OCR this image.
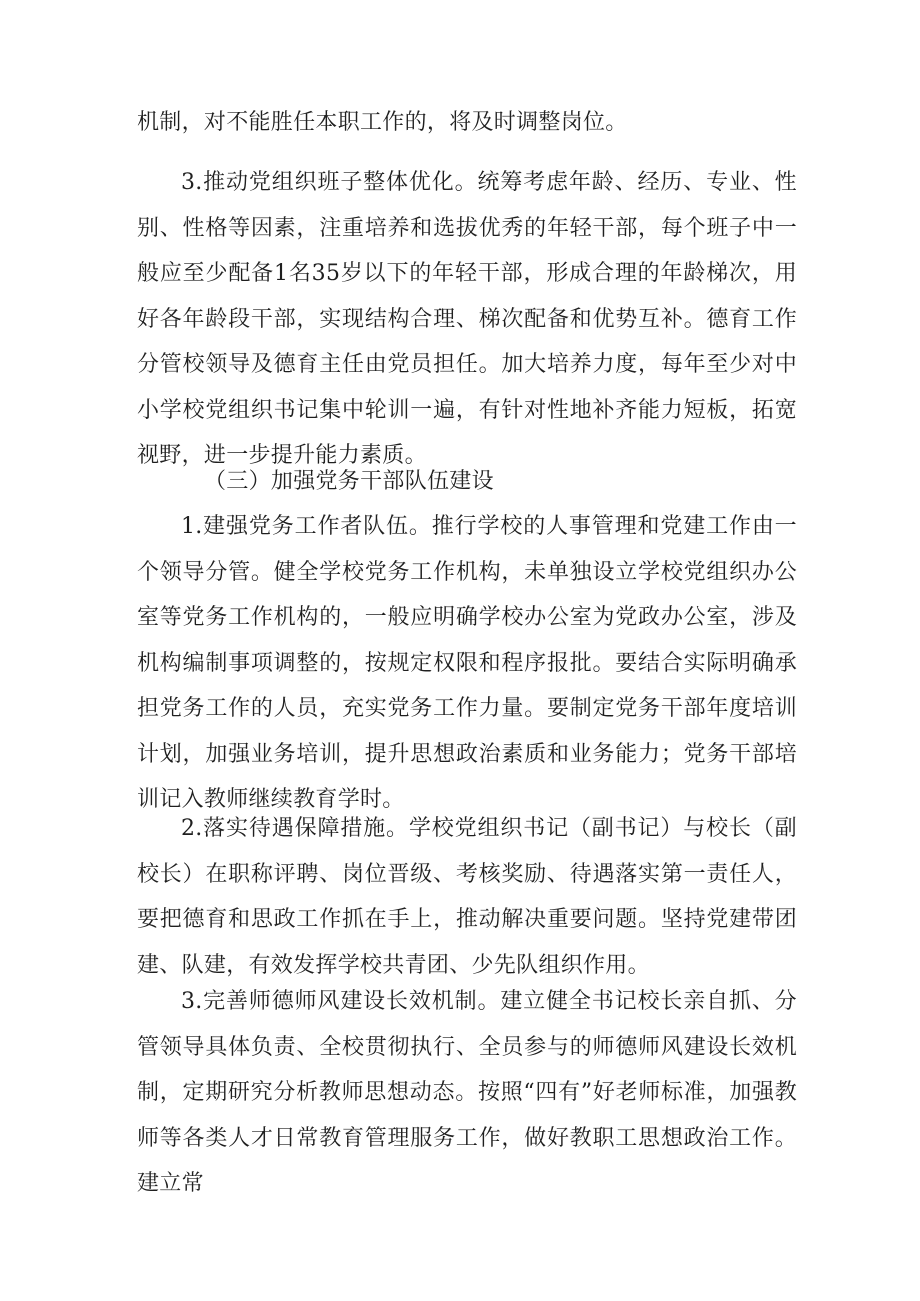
机制，对不能胜任本职工作的，将及时调整岗位。

3.推动党组织班子整体优化。统筹考虑年龄、经历、专业、性别、性格等因素，注重培养和选拔优秀的年轻干部，每个班子中一般应至少配备1名35岁以下的年轻干部，形成合理的年龄梯次，用好各年龄段干部，实现结构合理、梯次配备和优势互补。德育工作分管校领导及德育主任由党员担任。加大培养力度，每年至少对中小学校党组织书记集中轮训一遍，有针对性地补齐能力短板，拓宽视野，进一步提升能力素质。

（三）加强党务干部队伍建设

1.建强党务工作者队伍。推行学校的人事管理和党建工作由一个领导分管。健全学校党务工作机构，未单独设立学校党组织办公室等党务工作机构的，一般应明确学校办公室为党政办公室，涉及机构编制事项调整的，按规定权限和程序报批。要结合实际明确承担党务工作的人员，充实党务工作力量。要制定党务干部年度培训计划，加强业务培训，提升思想政治素质和业务能力；党务干部培训记入教师继续教育学时。

2.落实待遇保障措施。学校党组织书记（副书记）与校长（副校长）在职称评聘、岗位晋级、考核奖励、待遇落实第一责任人，要把德育和思政工作抓在手上，推动解决重要问题。坚持党建带团建、队建，有效发挥学校共青团、少先队组织作用。

3.完善师德师风建设长效机制。建立健全书记校长亲自抓、分管领导具体负责、全校贯彻执行、全员参与的师德师风建设长效机制，定期研究分析教师思想动态。按照“四有”好老师标准，加强教师等各类人才日常教育管理服务工作，做好教职工思想政治工作。建立常
